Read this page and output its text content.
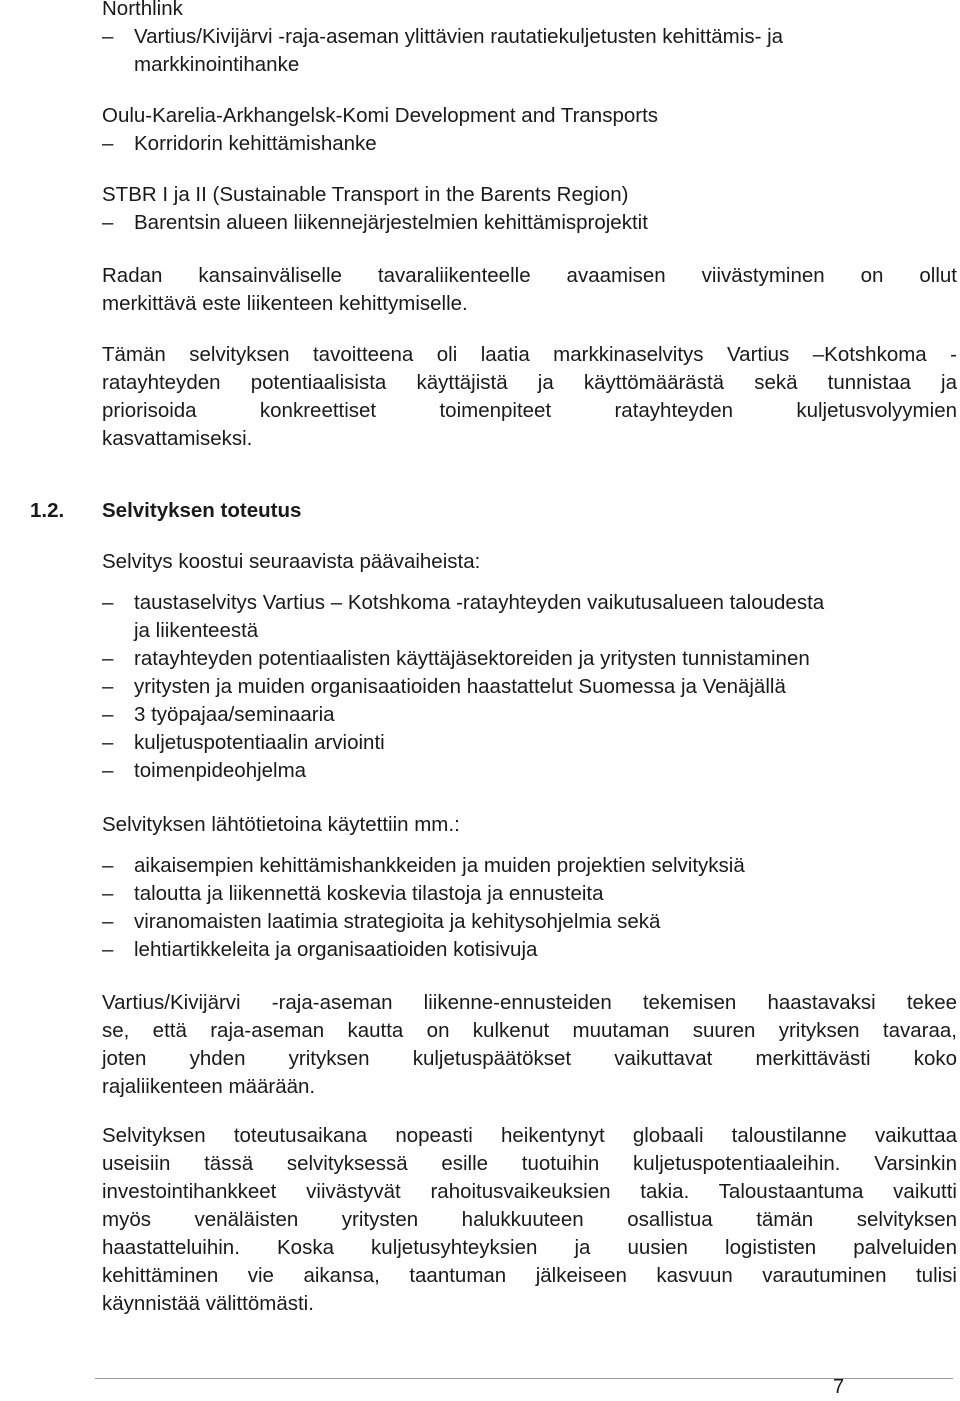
Northlink
– Vartius/Kivijärvi -raja-aseman ylittävien rautatiekuljetusten kehittämis- ja
markkinointihanke
Oulu-Karelia-Arkhangelsk-Komi Development and Transports
– Korridorin kehittämishanke
STBR I ja II (Sustainable Transport in the Barents Region)
– Barentsin alueen liikennejärjestelmien kehittämisprojektit
Radan kansainväliselle tavaraliikenteelle avaamisen viivästyminen on ollut
merkittävä este liikenteen kehittymiselle.
Tämän selvityksen tavoitteena oli laatia markkinaselvitys Vartius –Kotshkoma -
ratayhteyden potentiaalisista käyttäjistä ja käyttömäärästä sekä tunnistaa ja
priorisoida konkreettiset toimenpiteet ratayhteyden kuljetusvolyymien
kasvattamiseksi.
1.2. Selvityksen toteutus
Selvitys koostui seuraavista päävaiheista:
– taustaselvitys Vartius – Kotshkoma -ratayhteyden vaikutusalueen taloudesta
ja liikenteestä
– ratayhteyden potentiaalisten käyttäjäsektoreiden ja yritysten tunnistaminen
– yritysten ja muiden organisaatioiden haastattelut Suomessa ja Venäjällä
– 3 työpajaa/seminaaria
– kuljetuspotentiaalin arviointi
– toimenpideohjelma
Selvityksen lähtötietoina käytettiin mm.:
– aikaisempien kehittämishankkeiden ja muiden projektien selvityksiä
– taloutta ja liikennettä koskevia tilastoja ja ennusteita
– viranomaisten laatimia strategioita ja kehitysohjelmia sekä
– lehtiartikkeleita ja organisaatioiden kotisivuja
Vartius/Kivijärvi -raja-aseman liikenne-ennusteiden tekemisen haastavaksi tekee
se, että raja-aseman kautta on kulkenut muutaman suuren yrityksen tavaraa,
joten yhden yrityksen kuljetuspäätökset vaikuttavat merkittävästi koko
rajaliikenteen määrään.
Selvityksen toteutusaikana nopeasti heikentynyt globaali taloustilanne vaikuttaa
useisiin tässä selvityksessä esille tuotuihin kuljetuspotentiaaleihin. Varsinkin
investointihankkeet viivästyvät rahoitusvaikeuksien takia. Taloustaantuma vaikutti
myös venäläisten yritysten halukkuuteen osallistua tämän selvityksen
haastatteluihin. Koska kuljetusyhteyksien ja uusien logististen palveluiden
kehittäminen vie aikansa, taantuman jälkeiseen kasvuun varautuminen tulisi
käynnistää välittömästi.
7
